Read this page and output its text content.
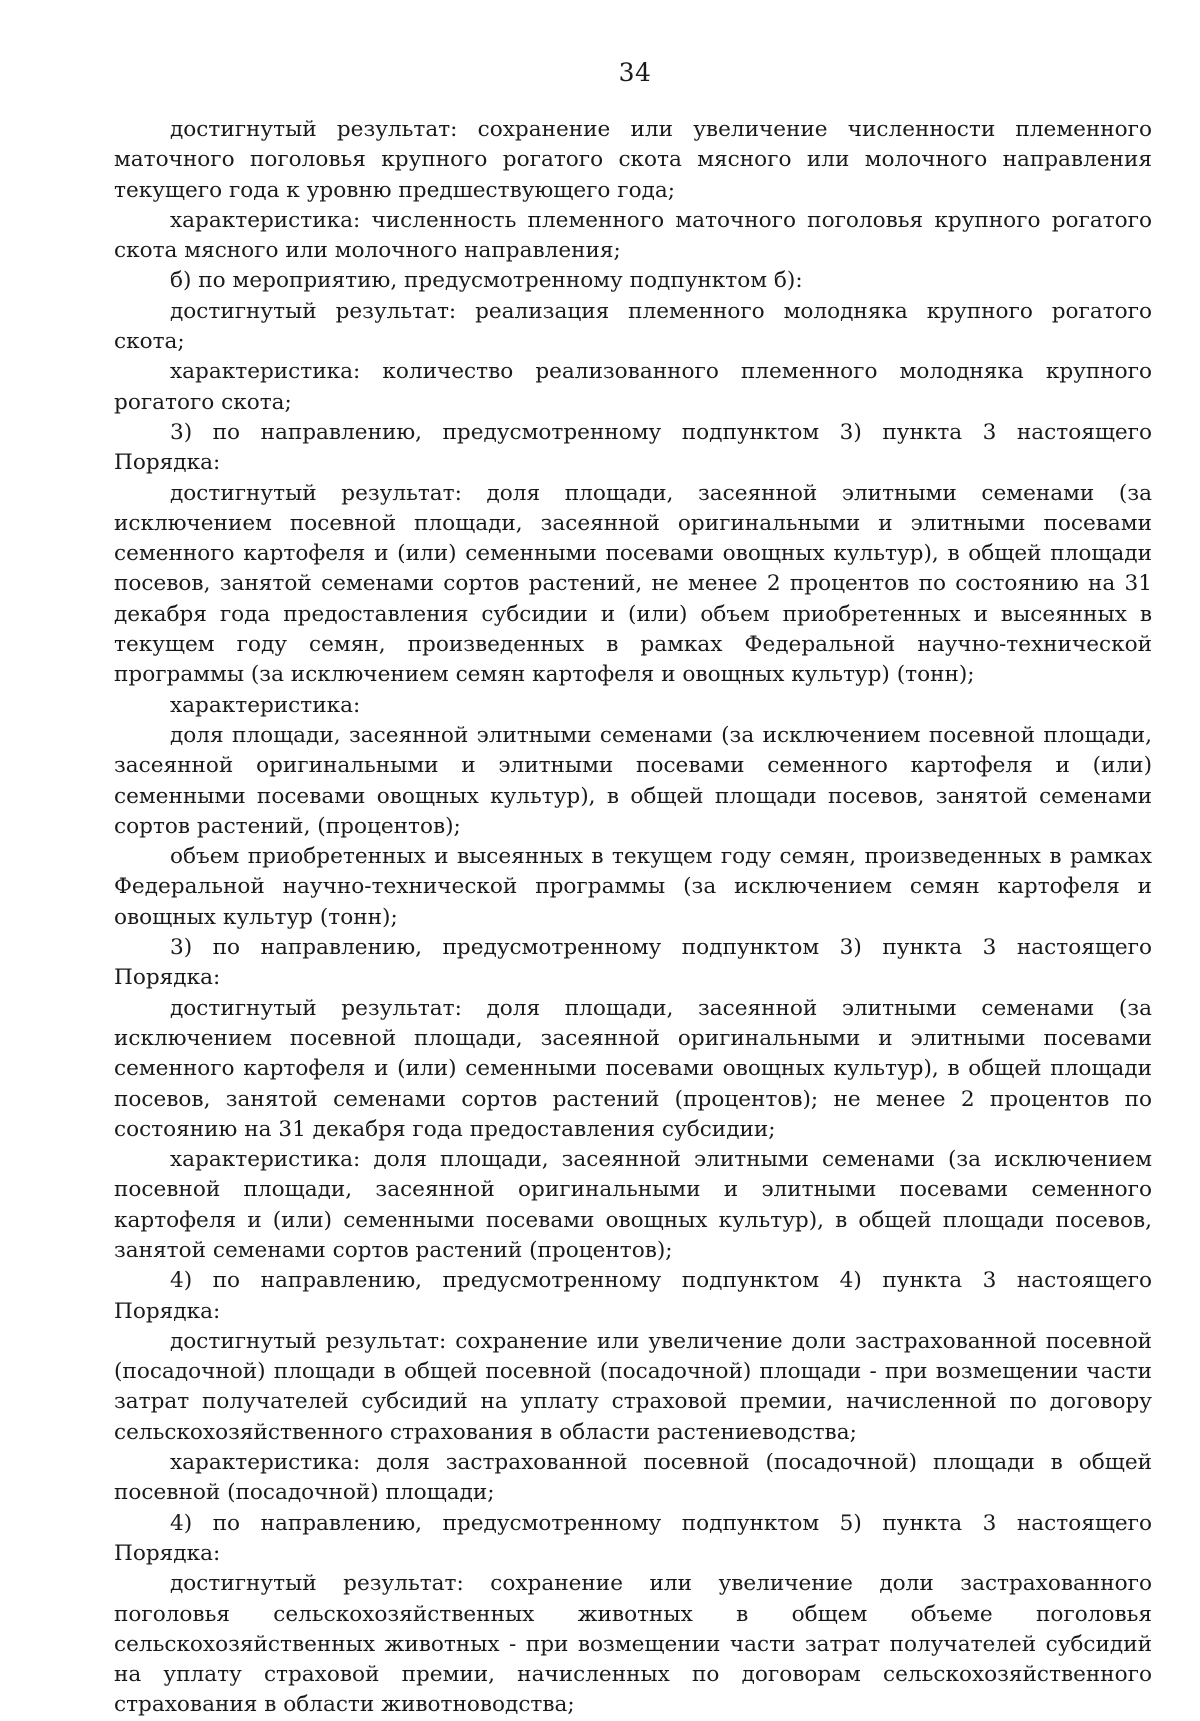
34

достигнутый результат: сохранение или увеличение численности племенного маточного поголовья крупного рогатого скота мясного или молочного направления текущего года к уровню предшествующего года;

характеристика: численность племенного маточного поголовья крупного рогатого скота мясного или молочного направления;

б) по мероприятию, предусмотренному подпунктом б):

достигнутый результат: реализация племенного молодняка крупного рогатого скота;

характеристика: количество реализованного племенного молодняка крупного рогатого скота;

3) по направлению, предусмотренному подпунктом 3) пункта 3 настоящего Порядка:

достигнутый результат: доля площади, засеянной элитными семенами (за исключением посевной площади, засеянной оригинальными и элитными посевами семенного картофеля и (или) семенными посевами овощных культур), в общей площади посевов, занятой семенами сортов растений, не менее 2 процентов по состоянию на 31 декабря года предоставления субсидии и (или) объем приобретенных и высеянных в текущем году семян, произведенных в рамках Федеральной научно-технической программы (за исключением семян картофеля и овощных культур) (тонн);

характеристика:

доля площади, засеянной элитными семенами (за исключением посевной площади, засеянной оригинальными и элитными посевами семенного картофеля и (или) семенными посевами овощных культур), в общей площади посевов, занятой семенами сортов растений, (процентов);

объем приобретенных и высеянных в текущем году семян, произведенных в рамках Федеральной научно-технической программы (за исключением семян картофеля и овощных культур (тонн);

3) по направлению, предусмотренному подпунктом 3) пункта 3 настоящего Порядка:

достигнутый результат: доля площади, засеянной элитными семенами (за исключением посевной площади, засеянной оригинальными и элитными посевами семенного картофеля и (или) семенными посевами овощных культур), в общей площади посевов, занятой семенами сортов растений (процентов); не менее 2 процентов по состоянию на 31 декабря года предоставления субсидии;

характеристика: доля площади, засеянной элитными семенами (за исключением посевной площади, засеянной оригинальными и элитными посевами семенного картофеля и (или) семенными посевами овощных культур), в общей площади посевов, занятой семенами сортов растений (процентов);

4) по направлению, предусмотренному подпунктом 4) пункта 3 настоящего Порядка:

достигнутый результат: сохранение или увеличение доли застрахованной посевной (посадочной) площади в общей посевной (посадочной) площади - при возмещении части затрат получателей субсидий на уплату страховой премии, начисленной по договору сельскохозяйственного страхования в области растениеводства;

характеристика: доля застрахованной посевной (посадочной) площади в общей посевной (посадочной) площади;

4) по направлению, предусмотренному подпунктом 5) пункта 3 настоящего Порядка:

достигнутый результат: сохранение или увеличение доли застрахованного поголовья сельскохозяйственных животных в общем объеме поголовья сельскохозяйственных животных - при возмещении части затрат получателей субсидий на уплату страховой премии, начисленных по договорам сельскохозяйственного страхования в области животноводства;
